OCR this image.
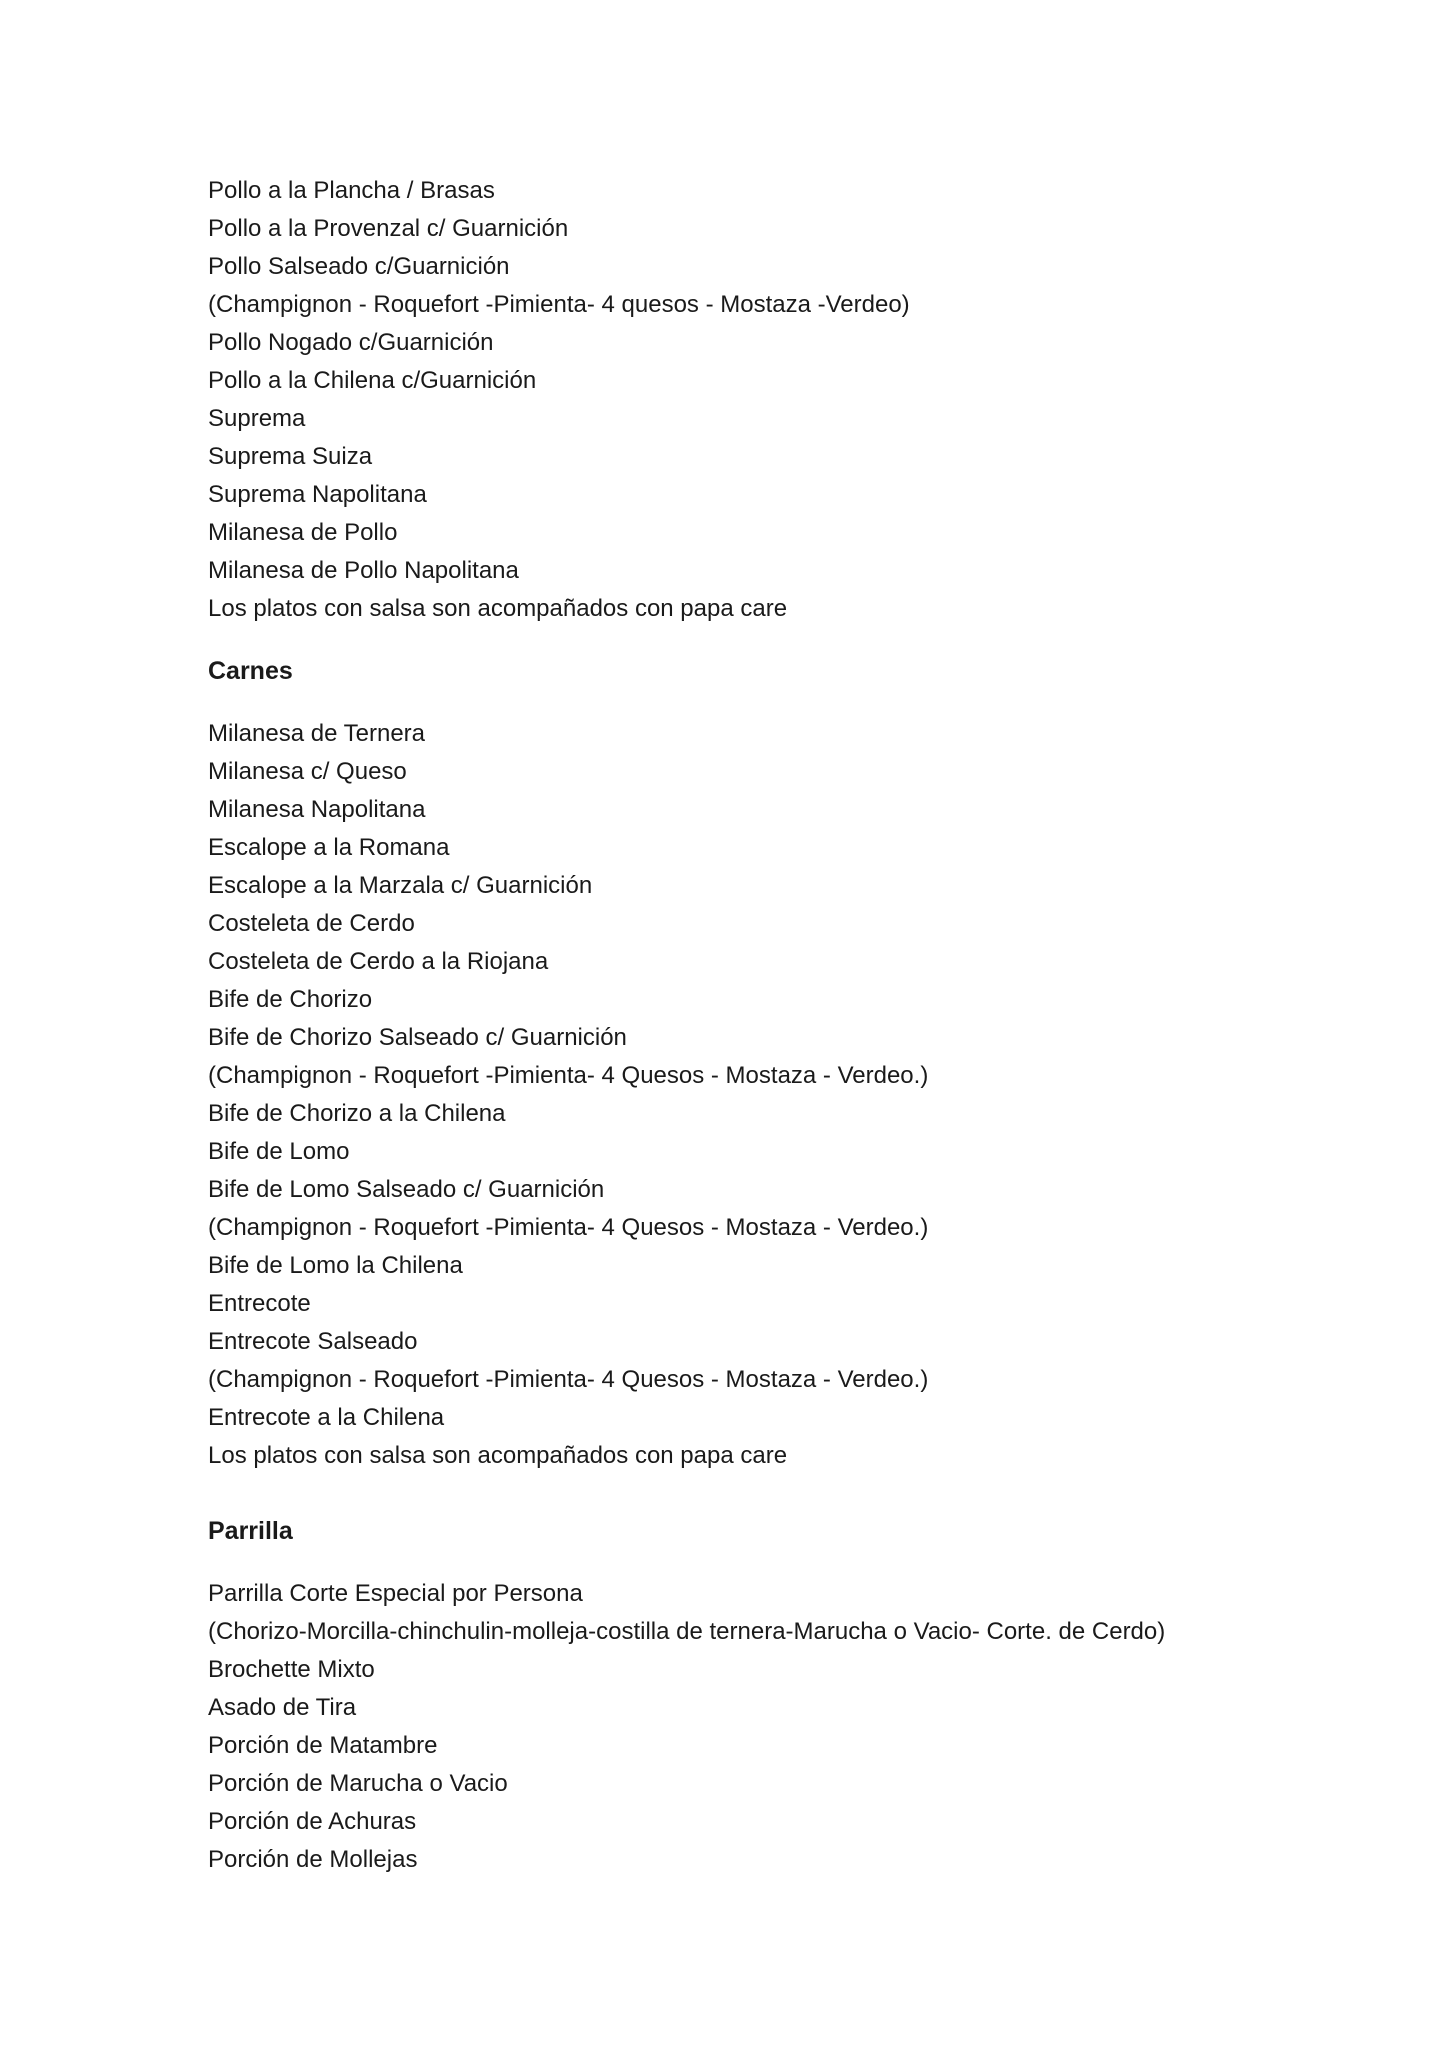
Pollo a la Plancha / Brasas
Pollo a la Provenzal c/ Guarnición
Pollo Salseado c/Guarnición
(Champignon - Roquefort -Pimienta- 4 quesos - Mostaza -Verdeo)
Pollo Nogado c/Guarnición
Pollo a la Chilena c/Guarnición
Suprema
Suprema Suiza
Suprema Napolitana
Milanesa de Pollo
Milanesa de Pollo Napolitana
Los platos con salsa son acompañados con papa care
Carnes
Milanesa de Ternera
Milanesa c/ Queso
Milanesa Napolitana
Escalope a la Romana
Escalope a la Marzala c/ Guarnición
Costeleta de Cerdo
Costeleta de Cerdo a la Riojana
Bife de Chorizo
Bife de Chorizo Salseado c/ Guarnición
(Champignon - Roquefort -Pimienta- 4 Quesos - Mostaza - Verdeo.)
Bife de Chorizo a la Chilena
Bife de Lomo
Bife de Lomo Salseado c/ Guarnición
(Champignon - Roquefort -Pimienta- 4 Quesos - Mostaza - Verdeo.)
Bife de Lomo la Chilena
Entrecote
Entrecote Salseado
(Champignon - Roquefort -Pimienta- 4 Quesos - Mostaza - Verdeo.)
Entrecote a la Chilena
Los platos con salsa son acompañados con papa care
Parrilla
Parrilla Corte Especial por Persona
(Chorizo-Morcilla-chinchulin-molleja-costilla de ternera-Marucha o Vacio- Corte. de Cerdo)
Brochette Mixto
Asado de Tira
Porción de Matambre
Porción de Marucha o Vacio
Porción de Achuras
Porción de Mollejas
